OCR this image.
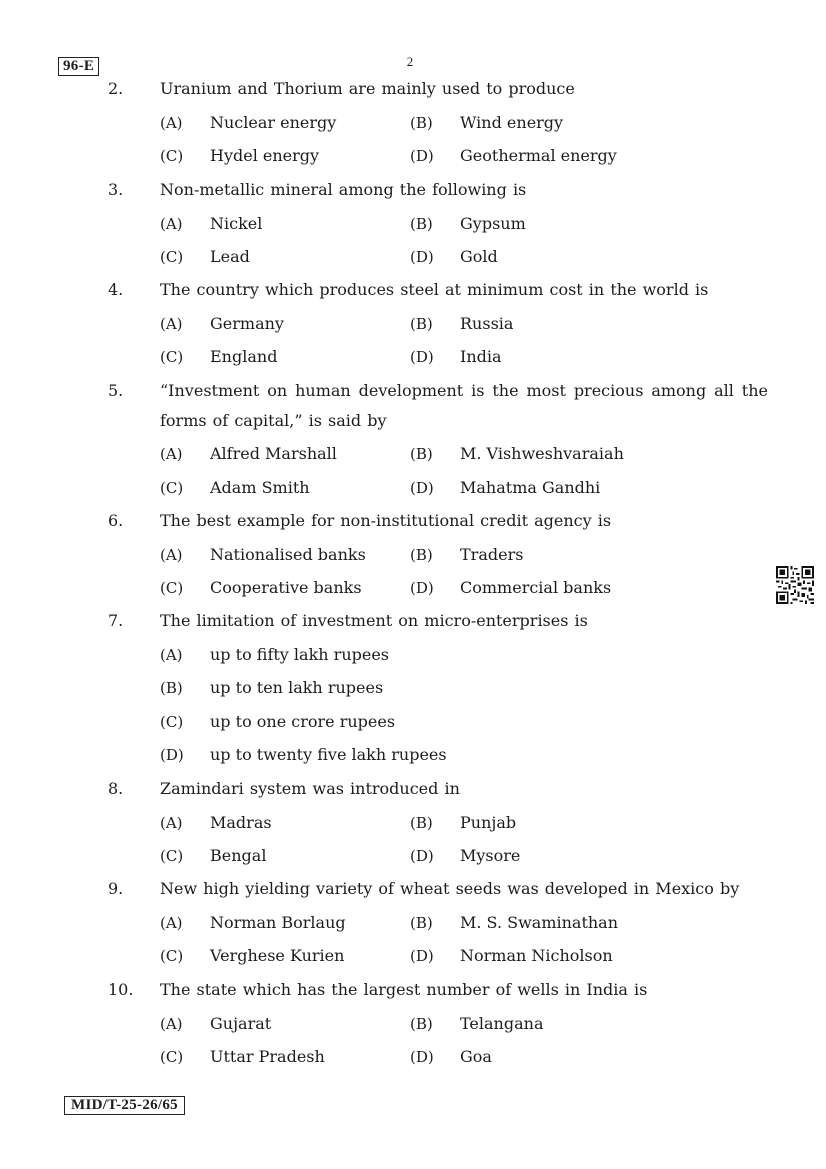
96-E	2
2. Uranium and Thorium are mainly used to produce
(A) Nuclear energy	(B) Wind energy
(C) Hydel energy	(D) Geothermal energy
3. Non-metallic mineral among the following is
(A) Nickel	(B) Gypsum
(C) Lead	(D) Gold
4. The country which produces steel at minimum cost in the world is
(A) Germany	(B) Russia
(C) England	(D) India
5. “Investment on human development is the most precious among all the forms of capital,” is said by
(A) Alfred Marshall	(B) M. Vishweshvaraiah
(C) Adam Smith	(D) Mahatma Gandhi
6. The best example for non-institutional credit agency is
(A) Nationalised banks	(B) Traders
(C) Cooperative banks	(D) Commercial banks
7. The limitation of investment on micro-enterprises is
(A) up to fifty lakh rupees
(B) up to ten lakh rupees
(C) up to one crore rupees
(D) up to twenty five lakh rupees
8. Zamindari system was introduced in
(A) Madras	(B) Punjab
(C) Bengal	(D) Mysore
9. New high yielding variety of wheat seeds was developed in Mexico by
(A) Norman Borlaug	(B) M. S. Swaminathan
(C) Verghese Kurien	(D) Norman Nicholson
10. The state which has the largest number of wells in India is
(A) Gujarat	(B) Telangana
(C) Uttar Pradesh	(D) Goa
MID/T-25-26/65
